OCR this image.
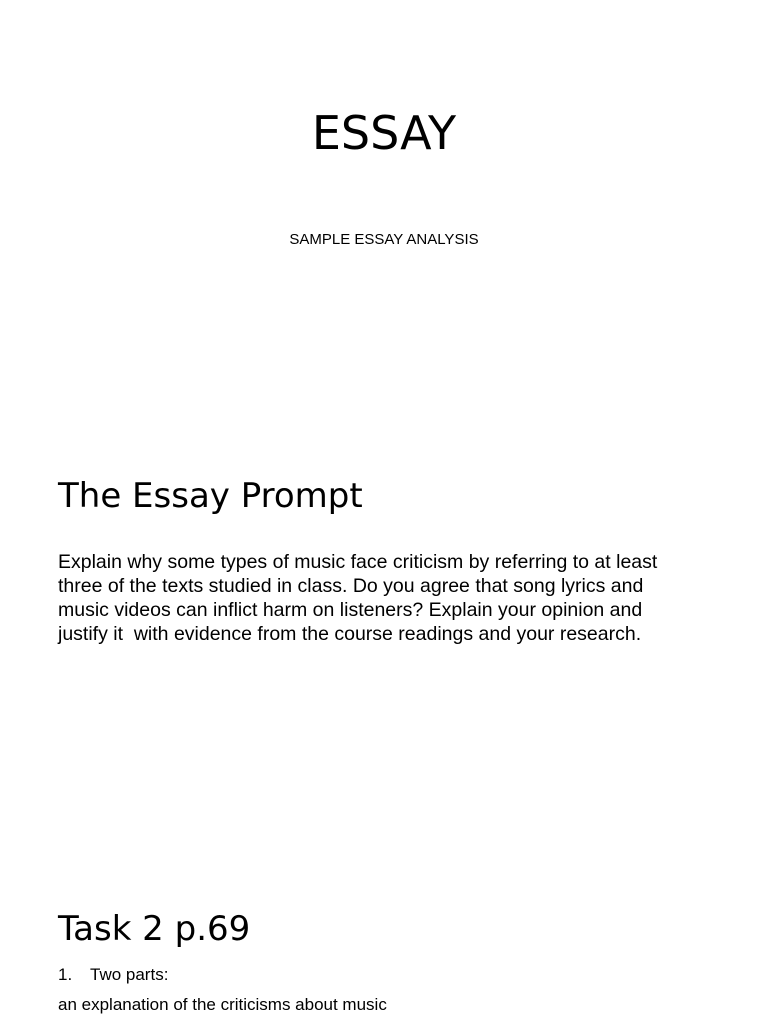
ESSAY

SAMPLE ESSAY ANALYSIS

The Essay Prompt

Explain why some types of music face criticism by referring to at least
three of the texts studied in class. Do you agree that song lyrics and
music videos can inflict harm on listeners? Explain your opinion and
justify it  with evidence from the course readings and your research.

Task 2 p.69
1. Two parts:
an explanation of the criticisms about music
